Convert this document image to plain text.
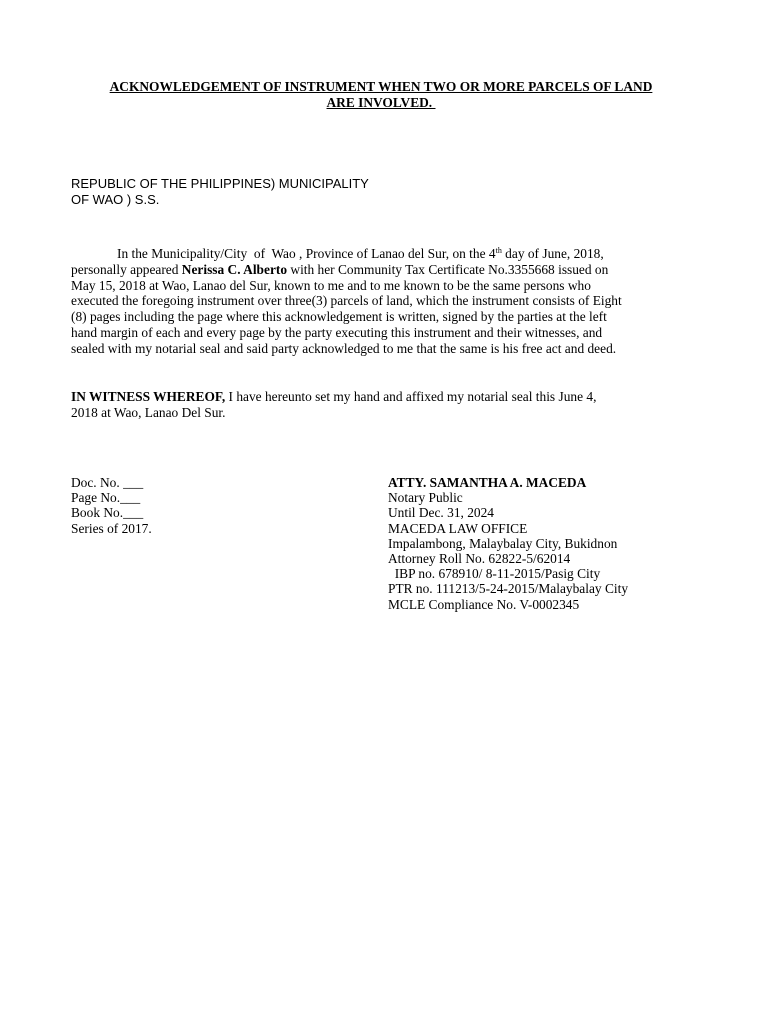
ACKNOWLEDGEMENT OF INSTRUMENT WHEN TWO OR MORE PARCELS OF LAND
ARE INVOLVED.
REPUBLIC OF THE PHILIPPINES) MUNICIPALITY
OF WAO ) S.S.
In the Municipality/City  of  Wao , Province of Lanao del Sur, on the 4th day of June, 2018,
personally appeared Nerissa C. Alberto with her Community Tax Certificate No.3355668 issued on
May 15, 2018 at Wao, Lanao del Sur, known to me and to me known to be the same persons who
executed the foregoing instrument over three(3) parcels of land, which the instrument consists of Eight
(8) pages including the page where this acknowledgement is written, signed by the parties at the left
hand margin of each and every page by the party executing this instrument and their witnesses, and
sealed with my notarial seal and said party acknowledged to me that the same is his free act and deed.
IN WITNESS WHEREOF, I have hereunto set my hand and affixed my notarial seal this June 4,
2018 at Wao, Lanao Del Sur.
Doc. No. ___
Page No.___
Book No.___
Series of 2017.
ATTY. SAMANTHA A. MACEDA
Notary Public
Until Dec. 31, 2024
MACEDA LAW OFFICE
Impalambong, Malaybalay City, Bukidnon
Attorney Roll No. 62822-5/62014
IBP no. 678910/ 8-11-2015/Pasig City
PTR no. 111213/5-24-2015/Malaybalay City
MCLE Compliance No. V-0002345
